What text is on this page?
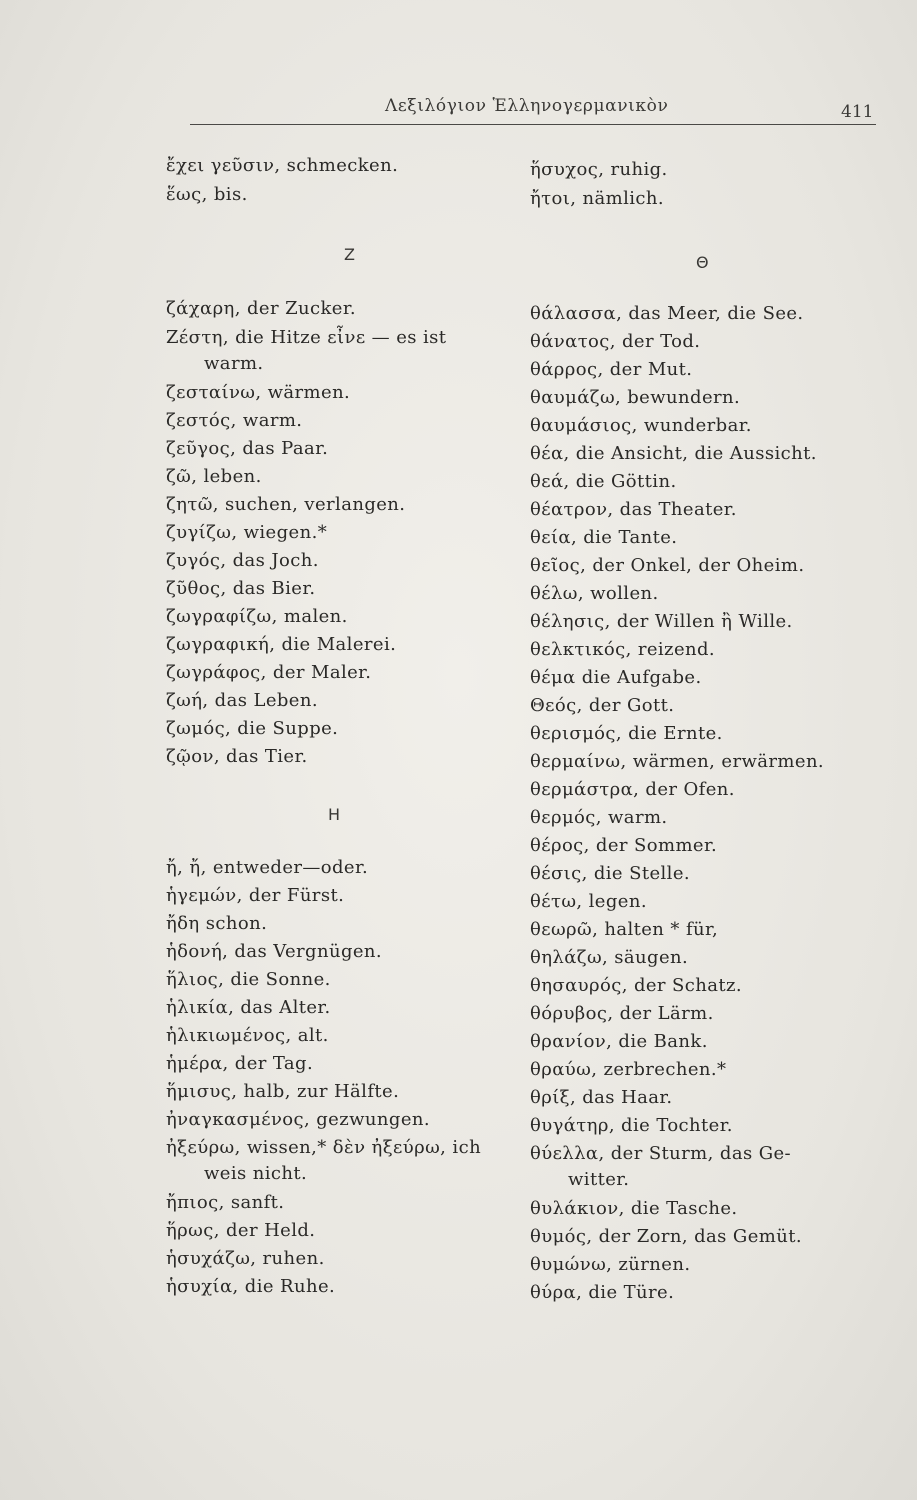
Λεξιλόγιον Ἑλληνογερμανικὸν	411
ἔχει γεῦσιν, schmecken.
ἕως, bis.
Z
ζάχαρη, der Zucker.
Ζέστη, die Hitze εἶνε — es ist
warm.
ζεσταίνω, wärmen.
ζεστός, warm.
ζεῦγος, das Paar.
ζῶ, leben.
ζητῶ, suchen, verlangen.
ζυγίζω, wiegen.*
ζυγός, das Joch.
ζῦθος, das Bier.
ζωγραφίζω, malen.
ζωγραφική, die Malerei.
ζωγράφος, der Maler.
ζωή, das Leben.
ζωμός, die Suppe.
ζῷον, das Tier.
H
ἤ, ἤ, entweder—oder.
ἡγεμών, der Fürst.
ἤδη schon.
ἡδονή, das Vergnügen.
ἥλιος, die Sonne.
ἡλικία, das Alter.
ἡλικιωμένος, alt.
ἡμέρα, der Tag.
ἥμισυς, halb, zur Hälfte.
ἠναγκασμένος, gezwungen.
ἠξεύρω, wissen,* δὲν ἠξεύρω, ich
weis nicht.
ἤπιος, sanft.
ἥρως, der Held.
ἡσυχάζω, ruhen.
ἡσυχία, die Ruhe.
ἥσυχος, ruhig.
ἤτοι, nämlich.
Θ
θάλασσα, das Meer, die See.
θάνατος, der Tod.
θάρρος, der Mut.
θαυμάζω, bewundern.
θαυμάσιος, wunderbar.
θέα, die Ansicht, die Aussicht.
θεά, die Göttin.
θέατρον, das Theater.
θεία, die Tante.
θεῖος, der Onkel, der Oheim.
θέλω, wollen.
θέλησις, der Willen ἢ Wille.
θελκτικός, reizend.
θέμα die Aufgabe.
Θεός, der Gott.
θερισμός, die Ernte.
θερμαίνω, wärmen, erwärmen.
θερμάστρα, der Ofen.
θερμός, warm.
θέρος, der Sommer.
θέσις, die Stelle.
θέτω, legen.
θεωρῶ, halten * für,
θηλάζω, säugen.
θησαυρός, der Schatz.
θόρυβος, der Lärm.
θρανίον, die Bank.
θραύω, zerbrechen.*
θρίξ, das Haar.
θυγάτηρ, die Tochter.
θύελλα, der Sturm, das Ge-
witter.
θυλάκιον, die Tasche.
θυμός, der Zorn, das Gemüt.
θυμώνω, zürnen.
θύρα, die Türe.
